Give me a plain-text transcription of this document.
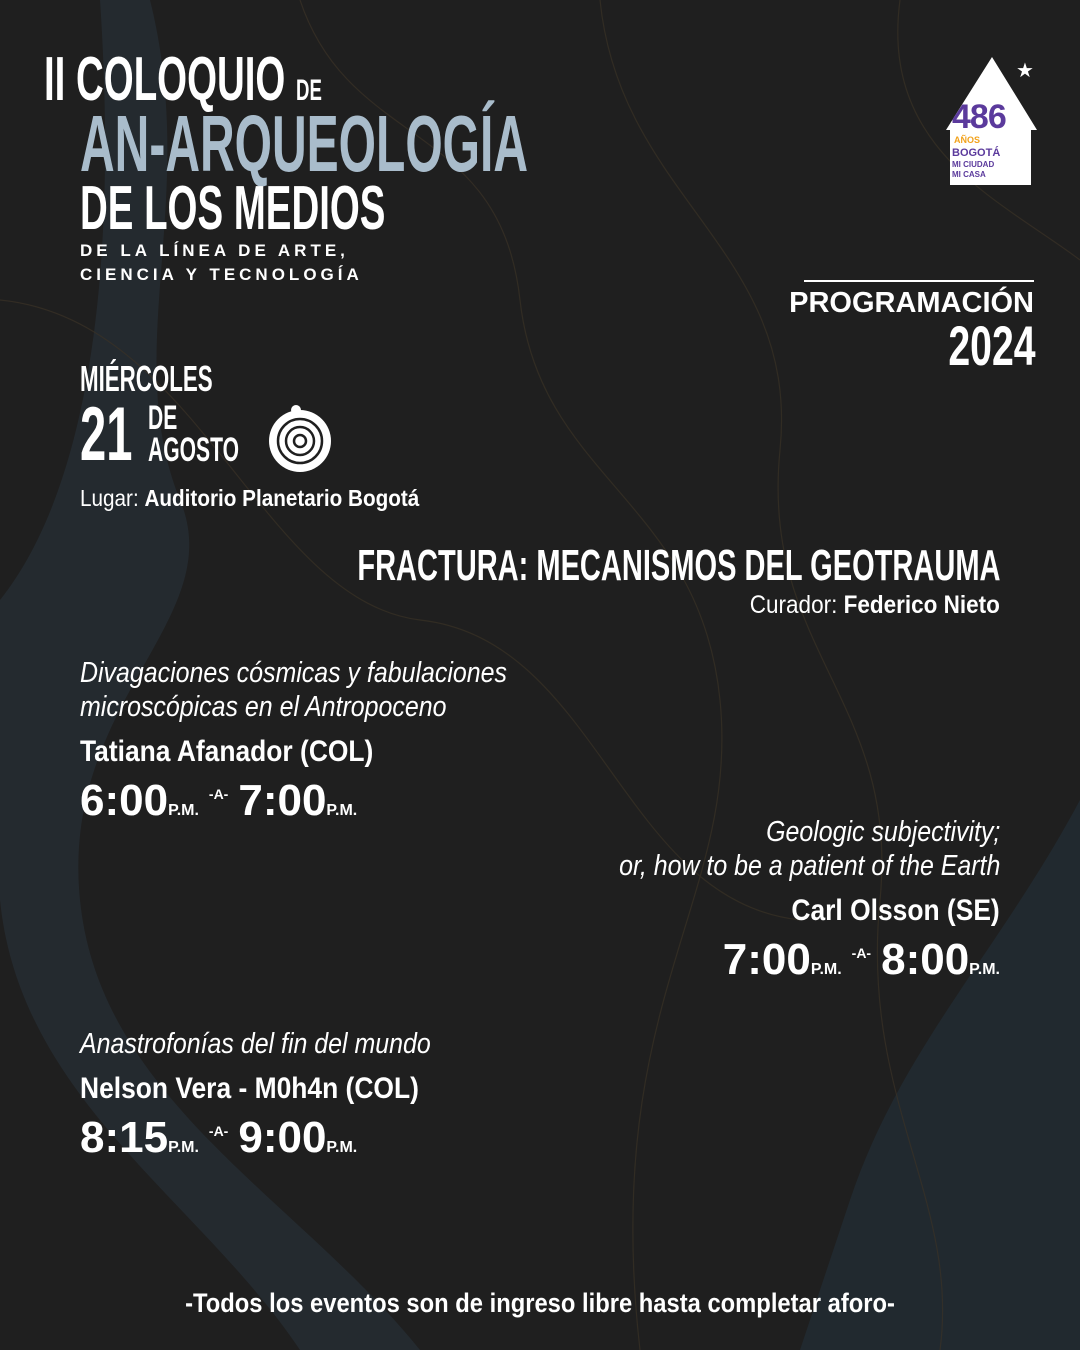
II COLOQUIO DE
AN-ARQUEOLOGÍA
DE LOS MEDIOS
DE LA LÍNEA DE ARTE,
CIENCIA Y TECNOLOGÍA
★
486
AÑOS
BOGOTÁ
MI CIUDAD
MI CASA
PROGRAMACIÓN
2024
MIÉRCOLES
21 DE
AGOSTO
Lugar: Auditorio Planetario Bogotá
FRACTURA: MECANISMOS DEL GEOTRAUMA
Curador: Federico Nieto
Divagaciones cósmicas y fabulaciones
microscópicas en el Antropoceno
Tatiana Afanador (COL)
6:00P.M.$^{-A-}$ 7:00P.M.
Geologic subjectivity;
or, how to be a patient of the Earth
Carl Olsson (SE)
7:00P.M.$^{-A-}$ 8:00P.M.
Anastrofonías del fin del mundo
Nelson Vera - M0h4n (COL)
8:15P.M.$^{-A-}$ 9:00P.M.
-Todos los eventos son de ingreso libre hasta completar aforo-
